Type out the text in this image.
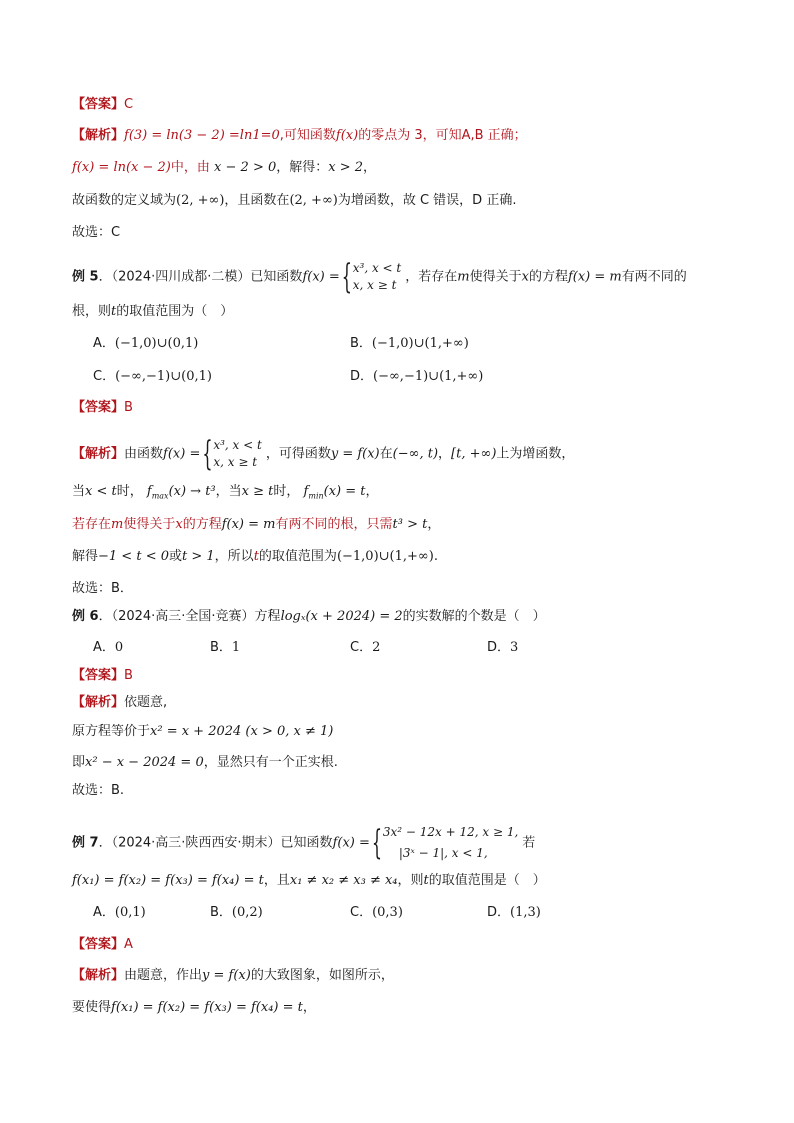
【答案】C
【解析】f(3) = ln(3 − 2) =ln1=0,可知函数f(x)的零点为 3，可知A,B 正确；
f(x) = ln(x − 2)中，由 x − 2 > 0，解得：x > 2，
故函数的定义域为(2, +∞)，且函数在(2, +∞)为增函数，故 C 错误，D 正确.
故选：C
例 5．（2024·四川成都·二模）已知函数f(x) =
{ x³, x < t
x, x ≥ t
，若存在m使得关于x的方程f(x) = m有两不同的
根，则t的取值范围为（　）
A．(−1,0)∪(0,1)	B．(−1,0)∪(1,+∞)
C．(−∞,−1)∪(0,1)	D．(−∞,−1)∪(1,+∞)
【答案】B
【解析】由函数f(x) =
{ x³, x < t
x, x ≥ t
，可得函数y = f(x)在(−∞, t)，[t, +∞)上为增函数，
当x < t时， $f_{max}(x) \to t^3$，当x ≥ t时， $f_{min}(x) = t$，
若存在m使得关于x的方程f(x) = m有两不同的根，只需t³ > t，
解得−1 < t < 0或t > 1，所以t的取值范围为(−1,0)∪(1,+∞).
故选：B．
例 6．（2024·高三·全国·竞赛）方程logₓ(x + 2024) = 2的实数解的个数是（　）
A．0	B．1	C．2	D．3
【答案】B
【解析】依题意,
原方程等价于x² = x + 2024 (x > 0, x ≠ 1)
即x² − x − 2024 = 0，显然只有一个正实根.
故选：B.
例 7．（2024·高三·陕西西安·期末）已知函数f(x) =
{ 3x² − 12x + 12, x ≥ 1,
|3ˣ − 1|, x < 1,
若
f(x₁) = f(x₂) = f(x₃) = f(x₄) = t，且x₁ ≠ x₂ ≠ x₃ ≠ x₄，则t的取值范围是（　）
A．(0,1)	B．(0,2)	C．(0,3)	D．(1,3)
【答案】A
【解析】由题意，作出y = f(x)的大致图象，如图所示，
要使得f(x₁) = f(x₂) = f(x₃) = f(x₄) = t，
